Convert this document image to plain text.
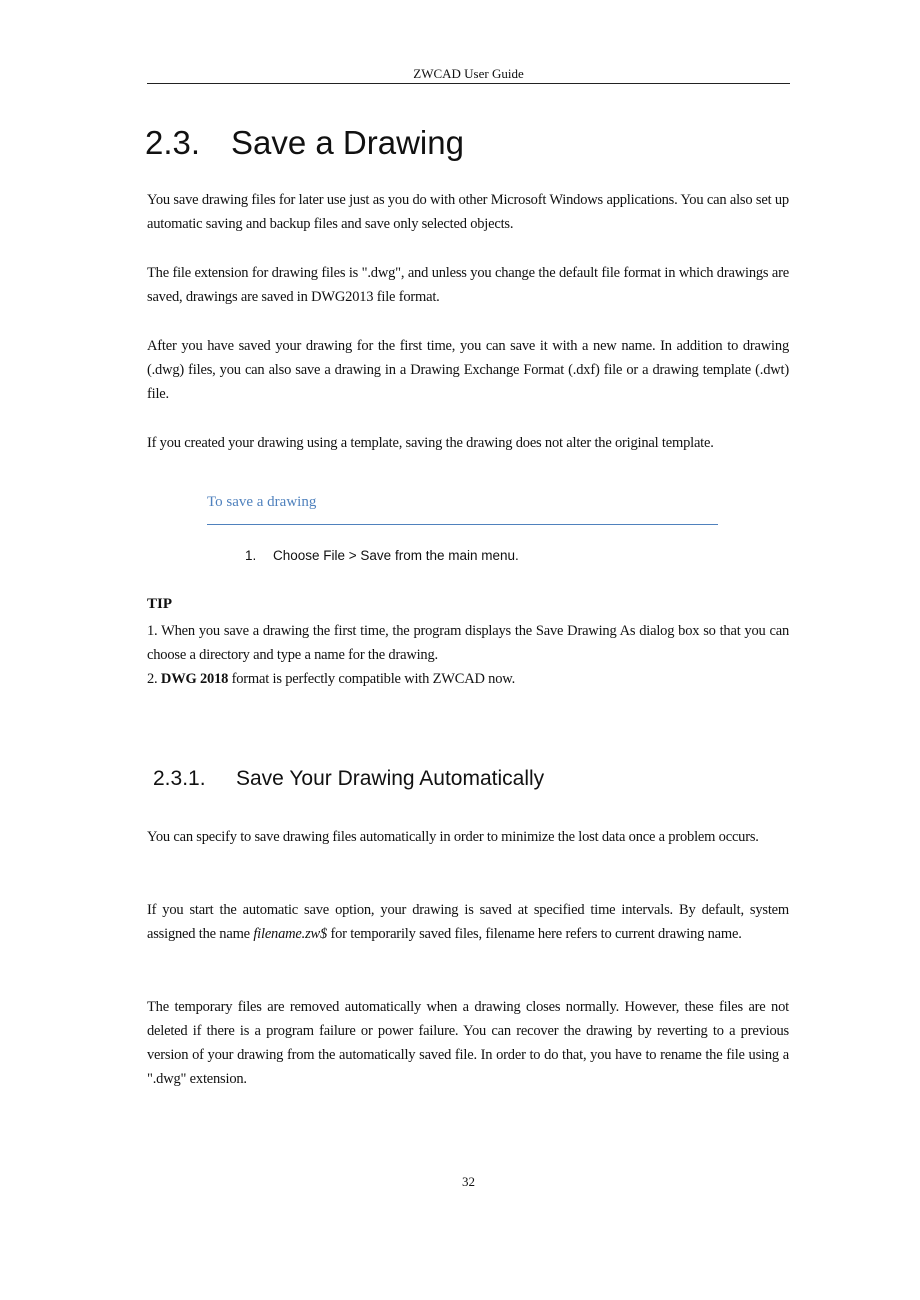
ZWCAD User Guide
2.3. Save a Drawing
You save drawing files for later use just as you do with other Microsoft Windows applications. You can also set up automatic saving and backup files and save only selected objects.
The file extension for drawing files is ".dwg", and unless you change the default file format in which drawings are saved, drawings are saved in DWG2013 file format.
After you have saved your drawing for the first time, you can save it with a new name. In addition to drawing (.dwg) files, you can also save a drawing in a Drawing Exchange Format (.dxf) file or a drawing template (.dwt) file.
If you created your drawing using a template, saving the drawing does not alter the original template.
To save a drawing
1. Choose File > Save from the main menu.
TIP
1. When you save a drawing the first time, the program displays the Save Drawing As dialog box so that you can choose a directory and type a name for the drawing.
2. DWG 2018 format is perfectly compatible with ZWCAD now.
2.3.1. Save Your Drawing Automatically
You can specify to save drawing files automatically in order to minimize the lost data once a problem occurs.
If you start the automatic save option, your drawing is saved at specified time intervals. By default, system assigned the name filename.zw$ for temporarily saved files, filename here refers to current drawing name.
The temporary files are removed automatically when a drawing closes normally. However, these files are not deleted if there is a program failure or power failure. You can recover the drawing by reverting to a previous version of your drawing from the automatically saved file. In order to do that, you have to rename the file using a ".dwg" extension.
32
